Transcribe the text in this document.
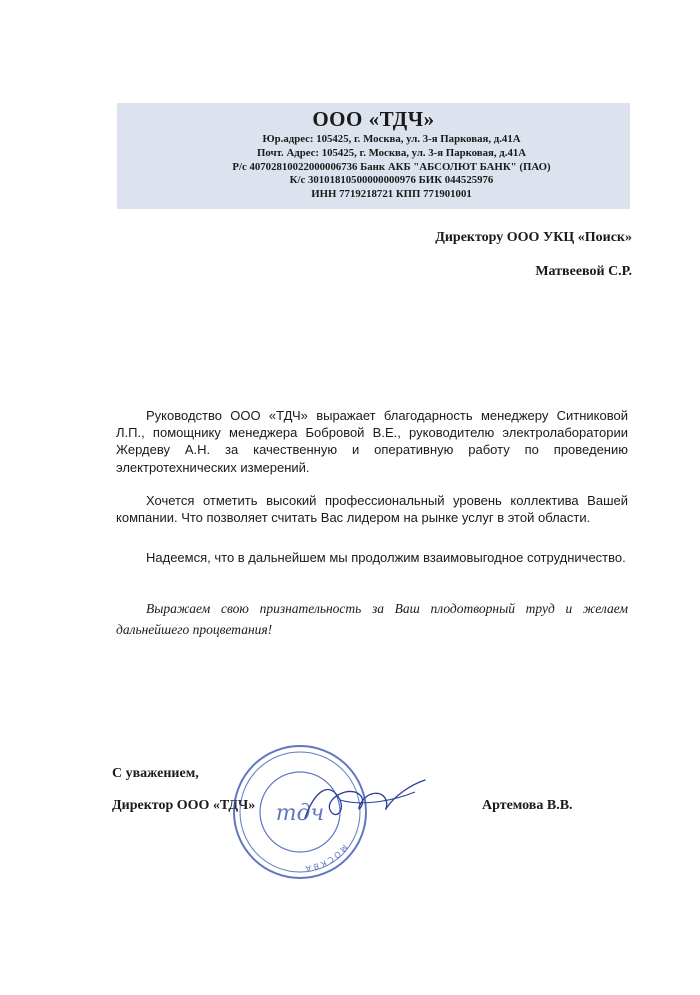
ООО «ТДЧ»
Юр.адрес: 105425, г. Москва, ул. 3-я Парковая, д.41А
Почт. Адрес: 105425, г. Москва, ул. 3-я Парковая, д.41А
Р/с 40702810022000006736 Банк АКБ "АБСОЛЮТ БАНК" (ПАО)
К/с 30101810500000000976 БИК 044525976
ИНН 7719218721 КПП 771901001
Директору ООО УКЦ «Поиск»
Матвеевой С.Р.
Руководство ООО «ТДЧ» выражает благодарность менеджеру Ситниковой Л.П., помощнику менеджера Бобровой В.Е., руководителю электролаборатории Жердеву А.Н. за качественную и оперативную работу по проведению электротехнических измерений.
Хочется отметить высокий профессиональный уровень коллектива Вашей компании. Что позволяет считать Вас лидером на рынке услуг в этой области.
Надеемся, что в дальнейшем мы продолжим взаимовыгодное сотрудничество.
Выражаем свою признательность за Ваш плодотворный труд и желаем дальнейшего процветания!
С уважением,
Директор ООО «ТДЧ»	Артемова В.В.
МОСКВА
тдч
